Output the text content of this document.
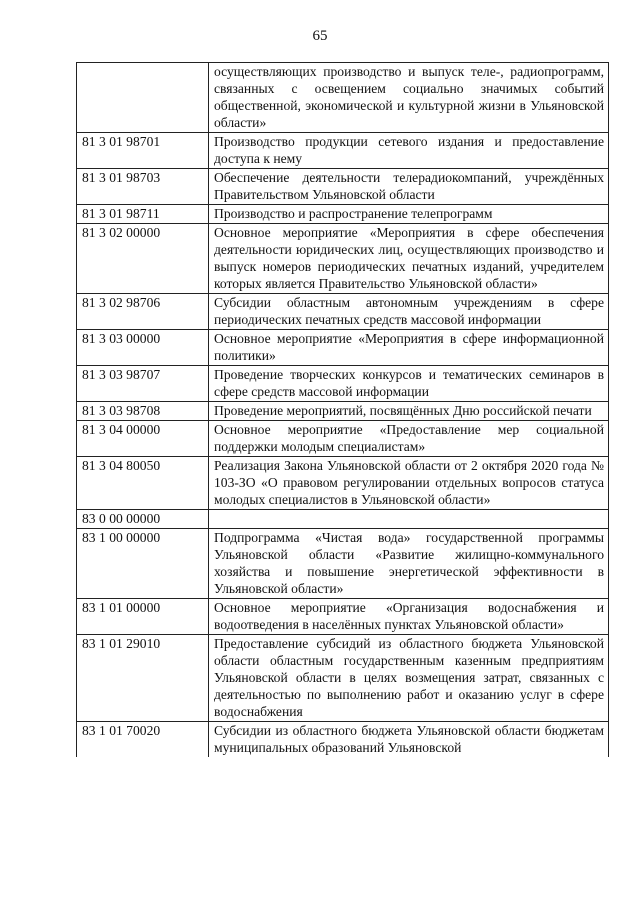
65
	осуществляющих производство и выпуск теле-, радиопрограмм, связанных с освещением социально значимых событий общественной, экономической и культурной жизни в Ульяновской области»
81 3 01 98701	Производство продукции сетевого издания и предоставление доступа к нему
81 3 01 98703	Обеспечение деятельности телерадиокомпаний, учреждённых Правительством Ульяновской области
81 3 01 98711	Производство и распространение телепрограмм
81 3 02 00000	Основное мероприятие «Мероприятия в сфере обеспечения деятельности юридических лиц, осуществляющих производство и выпуск номеров периодических печатных изданий, учредителем которых является Правительство Ульяновской области»
81 3 02 98706	Субсидии областным автономным учреждениям в сфере периодических печатных средств массовой информации
81 3 03 00000	Основное мероприятие «Мероприятия в сфере информационной политики»
81 3 03 98707	Проведение творческих конкурсов и тематических семинаров в сфере средств массовой информации
81 3 03 98708	Проведение мероприятий, посвящённых Дню российской печати
81 3 04 00000	Основное мероприятие «Предоставление мер социальной поддержки молодым специалистам»
81 3 04 80050	Реализация Закона Ульяновской области от 2 октября 2020 года № 103-ЗО «О правовом регулировании отдельных вопросов статуса молодых специалистов в Ульяновской области»
83 0 00 00000	
83 1 00 00000	Подпрограмма «Чистая вода» государственной программы Ульяновской области «Развитие жилищно-коммунального хозяйства и повышение энергетической эффективности в Ульяновской области»
83 1 01 00000	Основное мероприятие «Организация водоснабжения и водоотведения в населённых пунктах Ульяновской области»
83 1 01 29010	Предоставление субсидий из областного бюджета Ульяновской области областным государственным казенным предприятиям Ульяновской области в целях возмещения затрат, связанных с деятельностью по выполнению работ и оказанию услуг в сфере водоснабжения
83 1 01 70020	Субсидии из областного бюджета Ульяновской области бюджетам муниципальных образований Ульяновской
